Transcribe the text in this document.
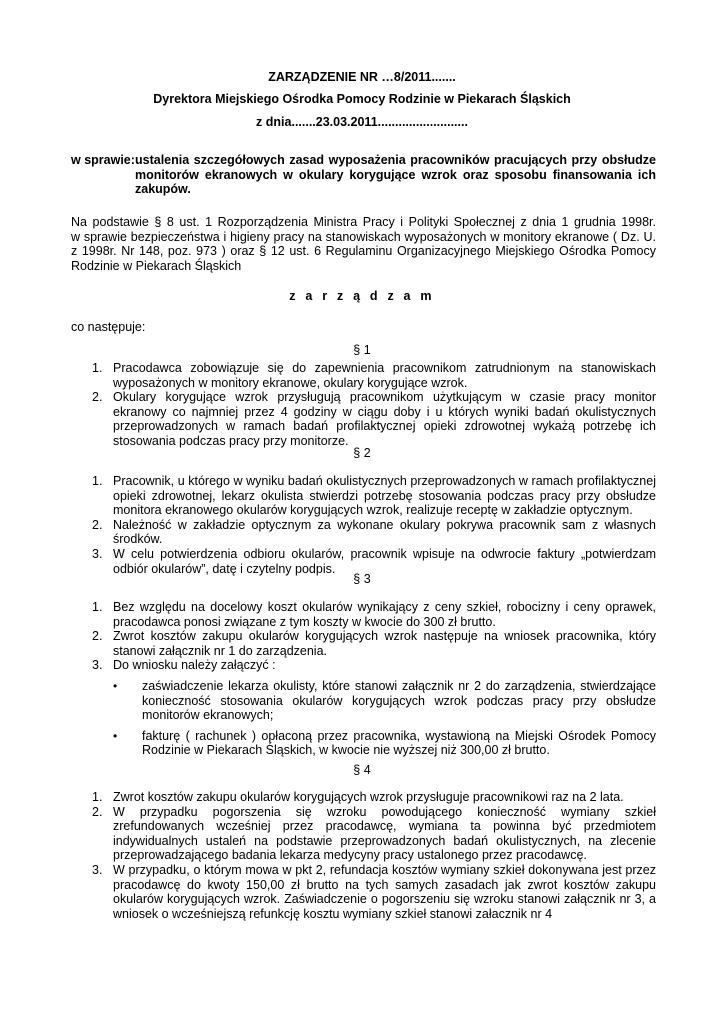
ZARZĄDZENIE NR …8/2011.......
Dyrektora Miejskiego Ośrodka Pomocy Rodzinie w Piekarach Śląskich
z dnia.......23.03.2011..........................
w sprawie: ustalenia szczegółowych zasad wyposażenia pracowników pracujących przy obsłudze monitorów ekranowych w okulary korygujące wzrok oraz sposobu finansowania ich zakupów.
Na podstawie § 8 ust. 1 Rozporządzenia Ministra Pracy i Polityki Społecznej z dnia 1 grudnia 1998r.
w sprawie bezpieczeństwa i higieny pracy na stanowiskach wyposażonych w monitory ekranowe ( Dz. U.
z 1998r. Nr 148, poz. 973 ) oraz § 12 ust. 6 Regulaminu Organizacyjnego Miejskiego Ośrodka Pomocy
Rodzinie w Piekarach Śląskich
z a r z ą d z a m
co następuje:
§ 1
1. Pracodawca zobowiązuje się do zapewnienia pracownikom zatrudnionym na stanowiskach wyposażonych w monitory ekranowe, okulary korygujące wzrok.
2. Okulary korygujące wzrok przysługują pracownikom użytkującym w czasie pracy monitor ekranowy co najmniej przez 4 godziny w ciągu doby i u których wyniki badań okulistycznych przeprowadzonych w ramach badań profilaktycznej opieki zdrowotnej wykażą potrzebę ich stosowania podczas pracy przy monitorze.
§ 2
1. Pracownik, u którego w wyniku badań okulistycznych przeprowadzonych w ramach profilaktycznej opieki zdrowotnej, lekarz okulista stwierdzi potrzebę stosowania podczas pracy przy obsłudze monitora ekranowego okularów korygujących wzrok, realizuje receptę w zakładzie optycznym.
2. Należność w zakładzie optycznym za wykonane okulary pokrywa pracownik sam z własnych środków.
3. W celu potwierdzenia odbioru okularów, pracownik wpisuje na odwrocie faktury „potwierdzam odbiór okularów”, datę i czytelny podpis.
§ 3
1. Bez względu na docelowy koszt okularów wynikający z ceny szkieł, robocizny i ceny oprawek, pracodawca ponosi związane z tym koszty w kwocie do 300 zł brutto.
2. Zwrot kosztów zakupu okularów korygujących wzrok następuje na wniosek pracownika, który stanowi załącznik nr 1 do zarządzenia.
3. Do wniosku należy załączyć :
• zaświadczenie lekarza okulisty, które stanowi załącznik nr 2 do zarządzenia, stwierdzające konieczność stosowania okularów korygujących wzrok podczas pracy przy obsłudze monitorów ekranowych;
• fakturę ( rachunek ) opłaconą przez pracownika, wystawioną na Miejski Ośrodek Pomocy Rodzinie w Piekarach Śląskich, w kwocie nie wyższej niż 300,00 zł brutto.
§ 4
1. Zwrot kosztów zakupu okularów korygujących wzrok przysługuje pracownikowi raz na 2 lata.
2. W przypadku pogorszenia się wzroku powodującego konieczność wymiany szkieł zrefundowanych wcześniej przez pracodawcę, wymiana ta powinna być przedmiotem indywidualnych ustaleń na podstawie przeprowadzonych badań okulistycznych, na zlecenie przeprowadzającego badania lekarza medycyny pracy ustalonego przez pracodawcę.
3. W przypadku, o którym mowa w pkt 2, refundacja kosztów wymiany szkieł dokonywana jest przez pracodawcę do kwoty 150,00 zł brutto na tych samych zasadach jak zwrot kosztów zakupu okularów korygujących wzrok. Zaświadczenie o pogorszeniu się wzroku stanowi załącznik nr 3, a wniosek o wcześniejszą refunkcję kosztu wymiany szkieł stanowi załacznik nr 4
